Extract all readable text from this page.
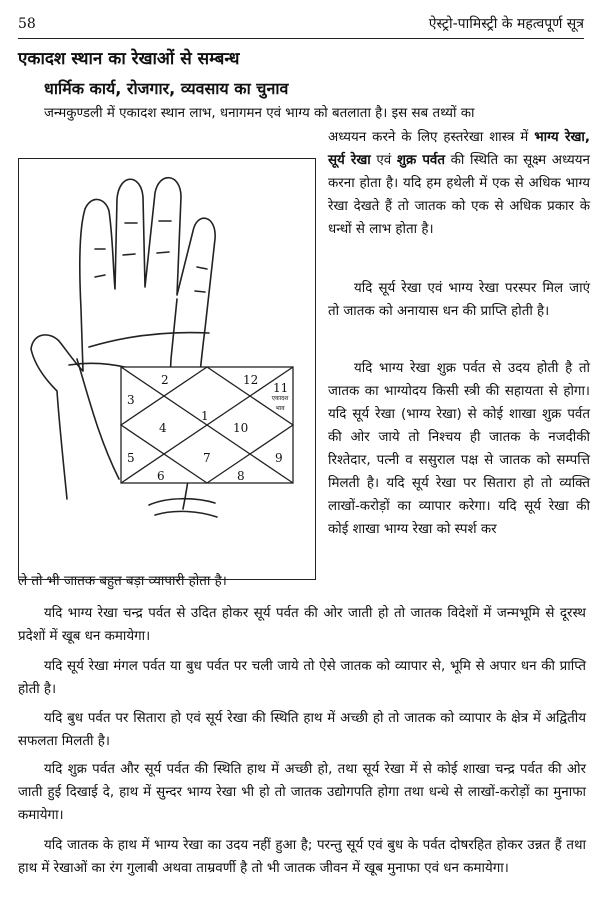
58	ऐस्ट्रो-पामिस्ट्री के महत्वपूर्ण सूत्र
एकादश स्थान का रेखाओं से सम्बन्ध
धार्मिक कार्य, रोजगार, व्यवसाय का चुनाव
जन्मकुण्डली में एकादश स्थान लाभ, धनागमन एवं भाग्य को बतलाता है। इस सब तथ्यों का
अध्ययन करने के लिए हस्तरेखा शास्त्र में भाग्य रेखा, सूर्य रेखा एवं शुक्र पर्वत की स्थिति का सूक्ष्म अध्ययन करना होता है। यदि हम हथेली में एक से अधिक भाग्य रेखा देखते हैं तो जातक को एक से अधिक प्रकार के धन्धों से लाभ होता है।
यदि सूर्य रेखा एवं भाग्य रेखा परस्पर मिल जाएं तो जातक को अनायास धन की प्राप्ति होती है।
यदि भाग्य रेखा शुक्र पर्वत से उदय होती है तो जातक का भाग्योदय किसी स्त्री की सहायता से होगा। यदि सूर्य रेखा (भाग्य रेखा) से कोई शाखा शुक्र पर्वत की ओर जाये तो निश्चय ही जातक के नजदीकी रिश्तेदार, पत्नी व ससुराल पक्ष से जातक को सम्पत्ति मिलती है। यदि सूर्य रेखा पर सितारा हो तो व्यक्ति लाखों-करोड़ों का व्यापार करेगा। यदि सूर्य रेखा की कोई शाखा भाग्य रेखा को स्पर्श कर
ले तो भी जातक बहुत बड़ा व्यापारी होता है।
यदि भाग्य रेखा चन्द्र पर्वत से उदित होकर सूर्य पर्वत की ओर जाती हो तो जातक विदेशों में जन्मभूमि से दूरस्थ प्रदेशों में खूब धन कमायेगा।
यदि सूर्य रेखा मंगल पर्वत या बुध पर्वत पर चली जाये तो ऐसे जातक को व्यापार से, भूमि से अपार धन की प्राप्ति होती है।
यदि बुध पर्वत पर सितारा हो एवं सूर्य रेखा की स्थिति हाथ में अच्छी हो तो जातक को व्यापार के क्षेत्र में अद्वितीय सफलता मिलती है।
यदि शुक्र पर्वत और सूर्य पर्वत की स्थिति हाथ में अच्छी हो, तथा सूर्य रेखा में से कोई शाखा चन्द्र पर्वत की ओर जाती हुई दिखाई दे, हाथ में सुन्दर भाग्य रेखा भी हो तो जातक उद्योगपति होगा तथा धन्धे से लाखों-करोड़ों का मुनाफा कमायेगा।
यदि जातक के हाथ में भाग्य रेखा का उदय नहीं हुआ है; परन्तु सूर्य एवं बुध के पर्वत दोषरहित होकर उन्नत हैं तथा हाथ में रेखाओं का रंग गुलाबी अथवा ताम्रवर्णी है तो भी जातक जीवन में खूब मुनाफा एवं धन कमायेगा।
1
2
3
4
5
6
7
8
9
10
11
12
एकादश
भाव
